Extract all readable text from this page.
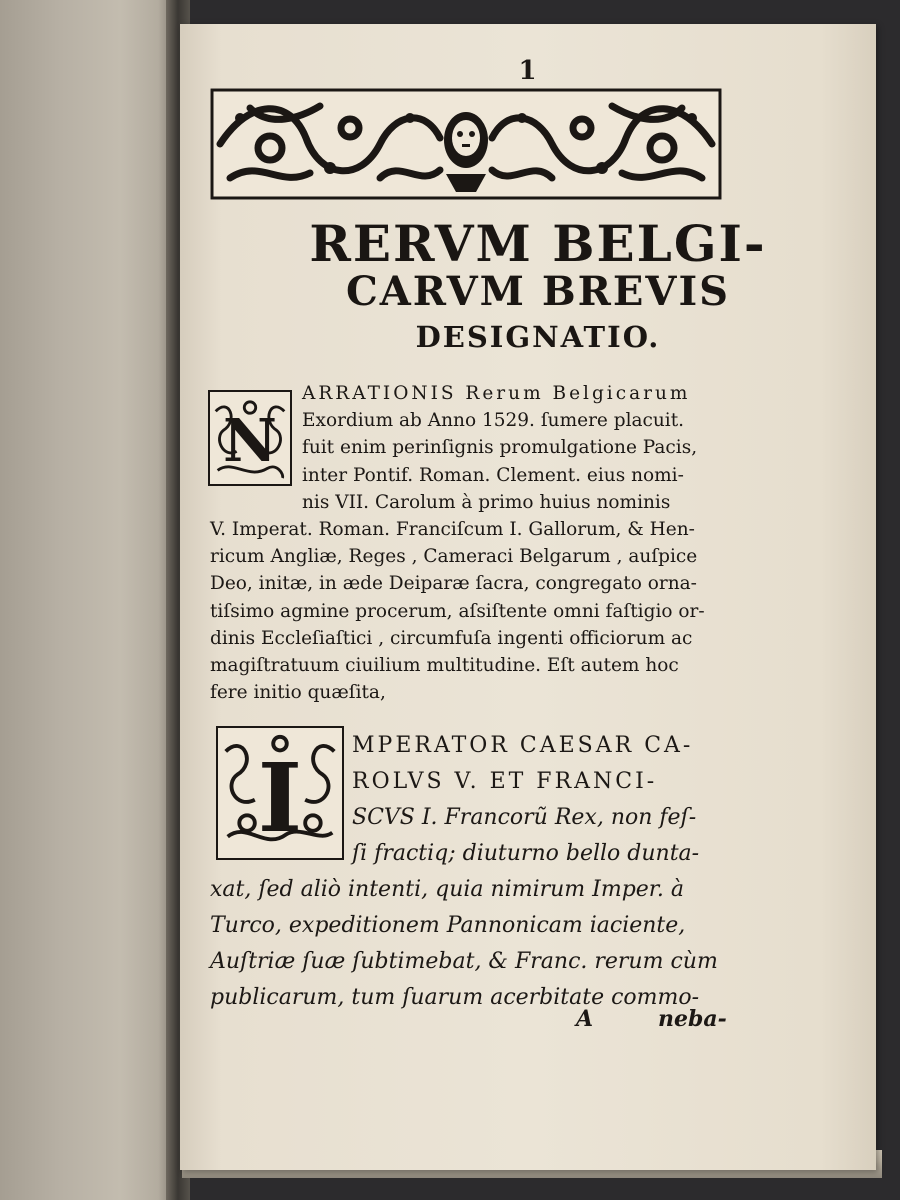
1
RERVM BELGI-
CARVM BREVIS
DESIGNATIO.
N
ARRATIONIS Rerum Belgicarum
Exordium ab Anno 1529. ſumere placuit.
fuit enim perinſignis promulgatione Pacis,
inter Pontif. Roman. Clement. eius nomi-
nis VII. Carolum à primo huius nominis
V. Imperat. Roman. Franciſcum I. Gallorum, & Hen-
ricum Angliæ, Reges , Cameraci Belgarum , auſpice
Deo, initæ, in æde Deiparæ ſacra, congregato orna-
tiſsimo agmine procerum, aſsiſtente omni faſtigio or-
dinis Eccleſiaſtici , circumfuſa ingenti officiorum ac
magiſtratuum ciuilium multitudine. Eſt autem hoc
fere initio quæſita,
I	MPERATOR CAESAR CA-
ROLVS V. ET FRANCI-
SCVS I. Francorũ Rex, non feſ-
ſi fractiq; diuturno bello dunta-
xat, ſed aliò intenti, quia nimirum Imper. à
Turco, expeditionem Pannonicam iaciente,
Auſtriæ ſuæ ſubtimebat, & Franc. rerum cùm
publicarum, tum ſuarum acerbitate commo-
A	neba-
